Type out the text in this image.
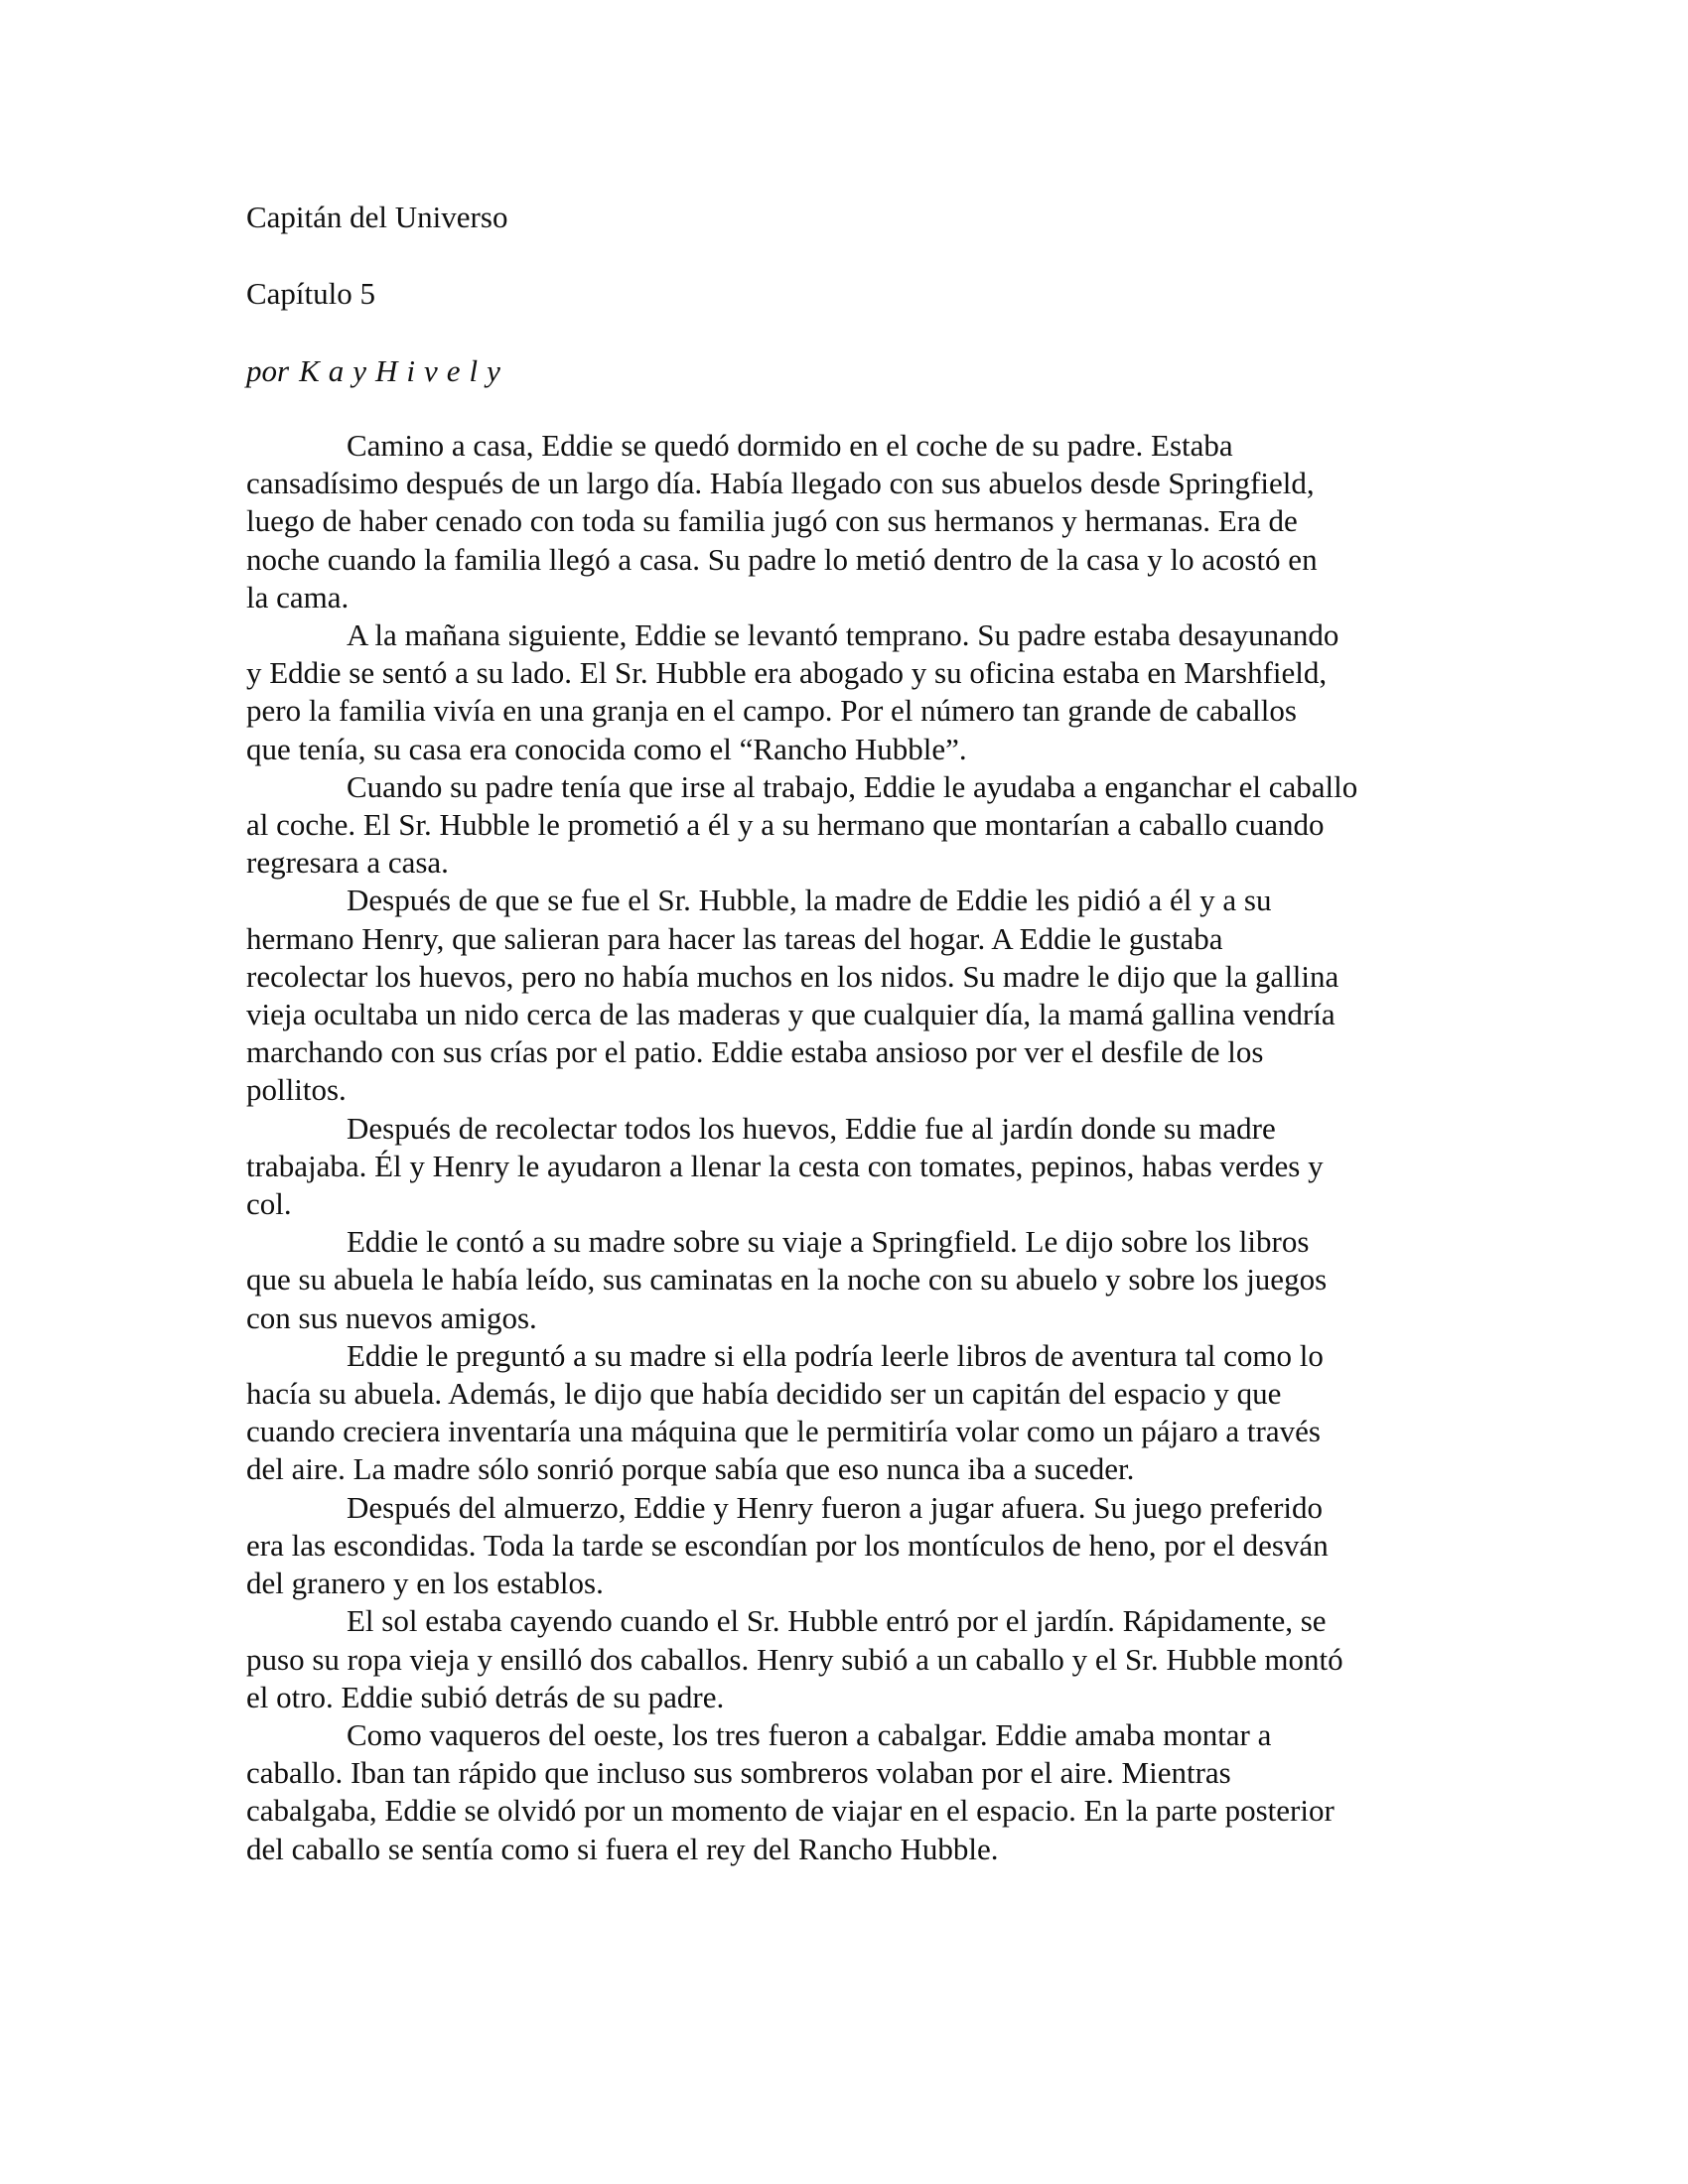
Capitán del Universo
Capítulo 5
por KayHively

Camino a casa, Eddie se quedó dormido en el coche de su padre. Estaba
cansadísimo después de un largo día. Había llegado con sus abuelos desde Springfield,
luego de haber cenado con toda su familia jugó con sus hermanos y hermanas. Era de
noche cuando la familia llegó a casa. Su padre lo metió dentro de la casa y lo acostó en
la cama.

A la mañana siguiente, Eddie se levantó temprano. Su padre estaba desayunando
y Eddie se sentó a su lado. El Sr. Hubble era abogado y su oficina estaba en Marshfield,
pero la familia vivía en una granja en el campo. Por el número tan grande de caballos
que tenía, su casa era conocida como el “Rancho Hubble”.

Cuando su padre tenía que irse al trabajo, Eddie le ayudaba a enganchar el caballo
al coche. El Sr. Hubble le prometió a él y a su hermano que montarían a caballo cuando
regresara a casa.

Después de que se fue el Sr. Hubble, la madre de Eddie les pidió a él y a su
hermano Henry, que salieran para hacer las tareas del hogar. A Eddie le gustaba
recolectar los huevos, pero no había muchos en los nidos. Su madre le dijo que la gallina
vieja ocultaba un nido cerca de las maderas y que cualquier día, la mamá gallina vendría
marchando con sus crías por el patio. Eddie estaba ansioso por ver el desfile de los
pollitos.

Después de recolectar todos los huevos, Eddie fue al jardín donde su madre
trabajaba. Él y Henry le ayudaron a llenar la cesta con tomates, pepinos, habas verdes y
col.

Eddie le contó a su madre sobre su viaje a Springfield. Le dijo sobre los libros
que su abuela le había leído, sus caminatas en la noche con su abuelo y sobre los juegos
con sus nuevos amigos.

Eddie le preguntó a su madre si ella podría leerle libros de aventura tal como lo
hacía su abuela. Además, le dijo que había decidido ser un capitán del espacio y que
cuando creciera inventaría una máquina que le permitiría volar como un pájaro a través
del aire. La madre sólo sonrió porque sabía que eso nunca iba a suceder.

Después del almuerzo, Eddie y Henry fueron a jugar afuera. Su juego preferido
era las escondidas. Toda la tarde se escondían por los montículos de heno, por el desván
del granero y en los establos.

El sol estaba cayendo cuando el Sr. Hubble entró por el jardín. Rápidamente, se
puso su ropa vieja y ensilló dos caballos. Henry subió a un caballo y el Sr. Hubble montó
el otro. Eddie subió detrás de su padre.

Como vaqueros del oeste, los tres fueron a cabalgar. Eddie amaba montar a
caballo. Iban tan rápido que incluso sus sombreros volaban por el aire. Mientras
cabalgaba, Eddie se olvidó por un momento de viajar en el espacio. En la parte posterior
del caballo se sentía como si fuera el rey del Rancho Hubble.
